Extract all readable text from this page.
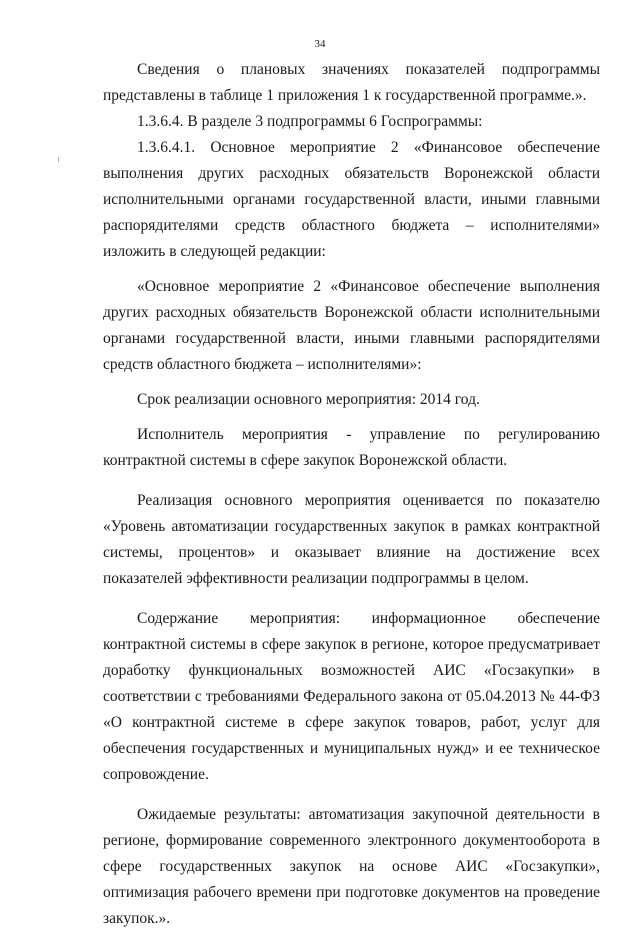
34

Сведения о плановых значениях показателей подпрограммы представлены в таблице 1 приложения 1 к государственной программе.».

1.3.6.4. В разделе 3 подпрограммы 6 Госпрограммы:

1.3.6.4.1. Основное мероприятие 2 «Финансовое обеспечение выполнения других расходных обязательств Воронежской области исполнительными органами государственной власти, иными главными распорядителями средств областного бюджета – исполнителями» изложить в следующей редакции:

«Основное мероприятие 2 «Финансовое обеспечение выполнения других расходных обязательств Воронежской области исполнительными органами государственной власти, иными главными распорядителями средств областного бюджета – исполнителями»:

Срок реализации основного мероприятия: 2014 год.

Исполнитель мероприятия - управление по регулированию контрактной системы в сфере закупок Воронежской области.

Реализация основного мероприятия оценивается по показателю «Уровень автоматизации государственных закупок в рамках контрактной системы, процентов» и оказывает влияние на достижение всех показателей эффективности реализации подпрограммы в целом.

Содержание мероприятия: информационное обеспечение контрактной системы в сфере закупок в регионе, которое предусматривает доработку функциональных возможностей АИС «Госзакупки» в соответствии с требованиями Федерального закона от 05.04.2013 № 44-ФЗ «О контрактной системе в сфере закупок товаров, работ, услуг для обеспечения государственных и муниципальных нужд» и ее техническое сопровождение.

Ожидаемые результаты: автоматизация закупочной деятельности в регионе, формирование современного электронного документооборота в сфере государственных закупок на основе АИС «Госзакупки», оптимизация рабочего времени при подготовке документов на проведение закупок.».
